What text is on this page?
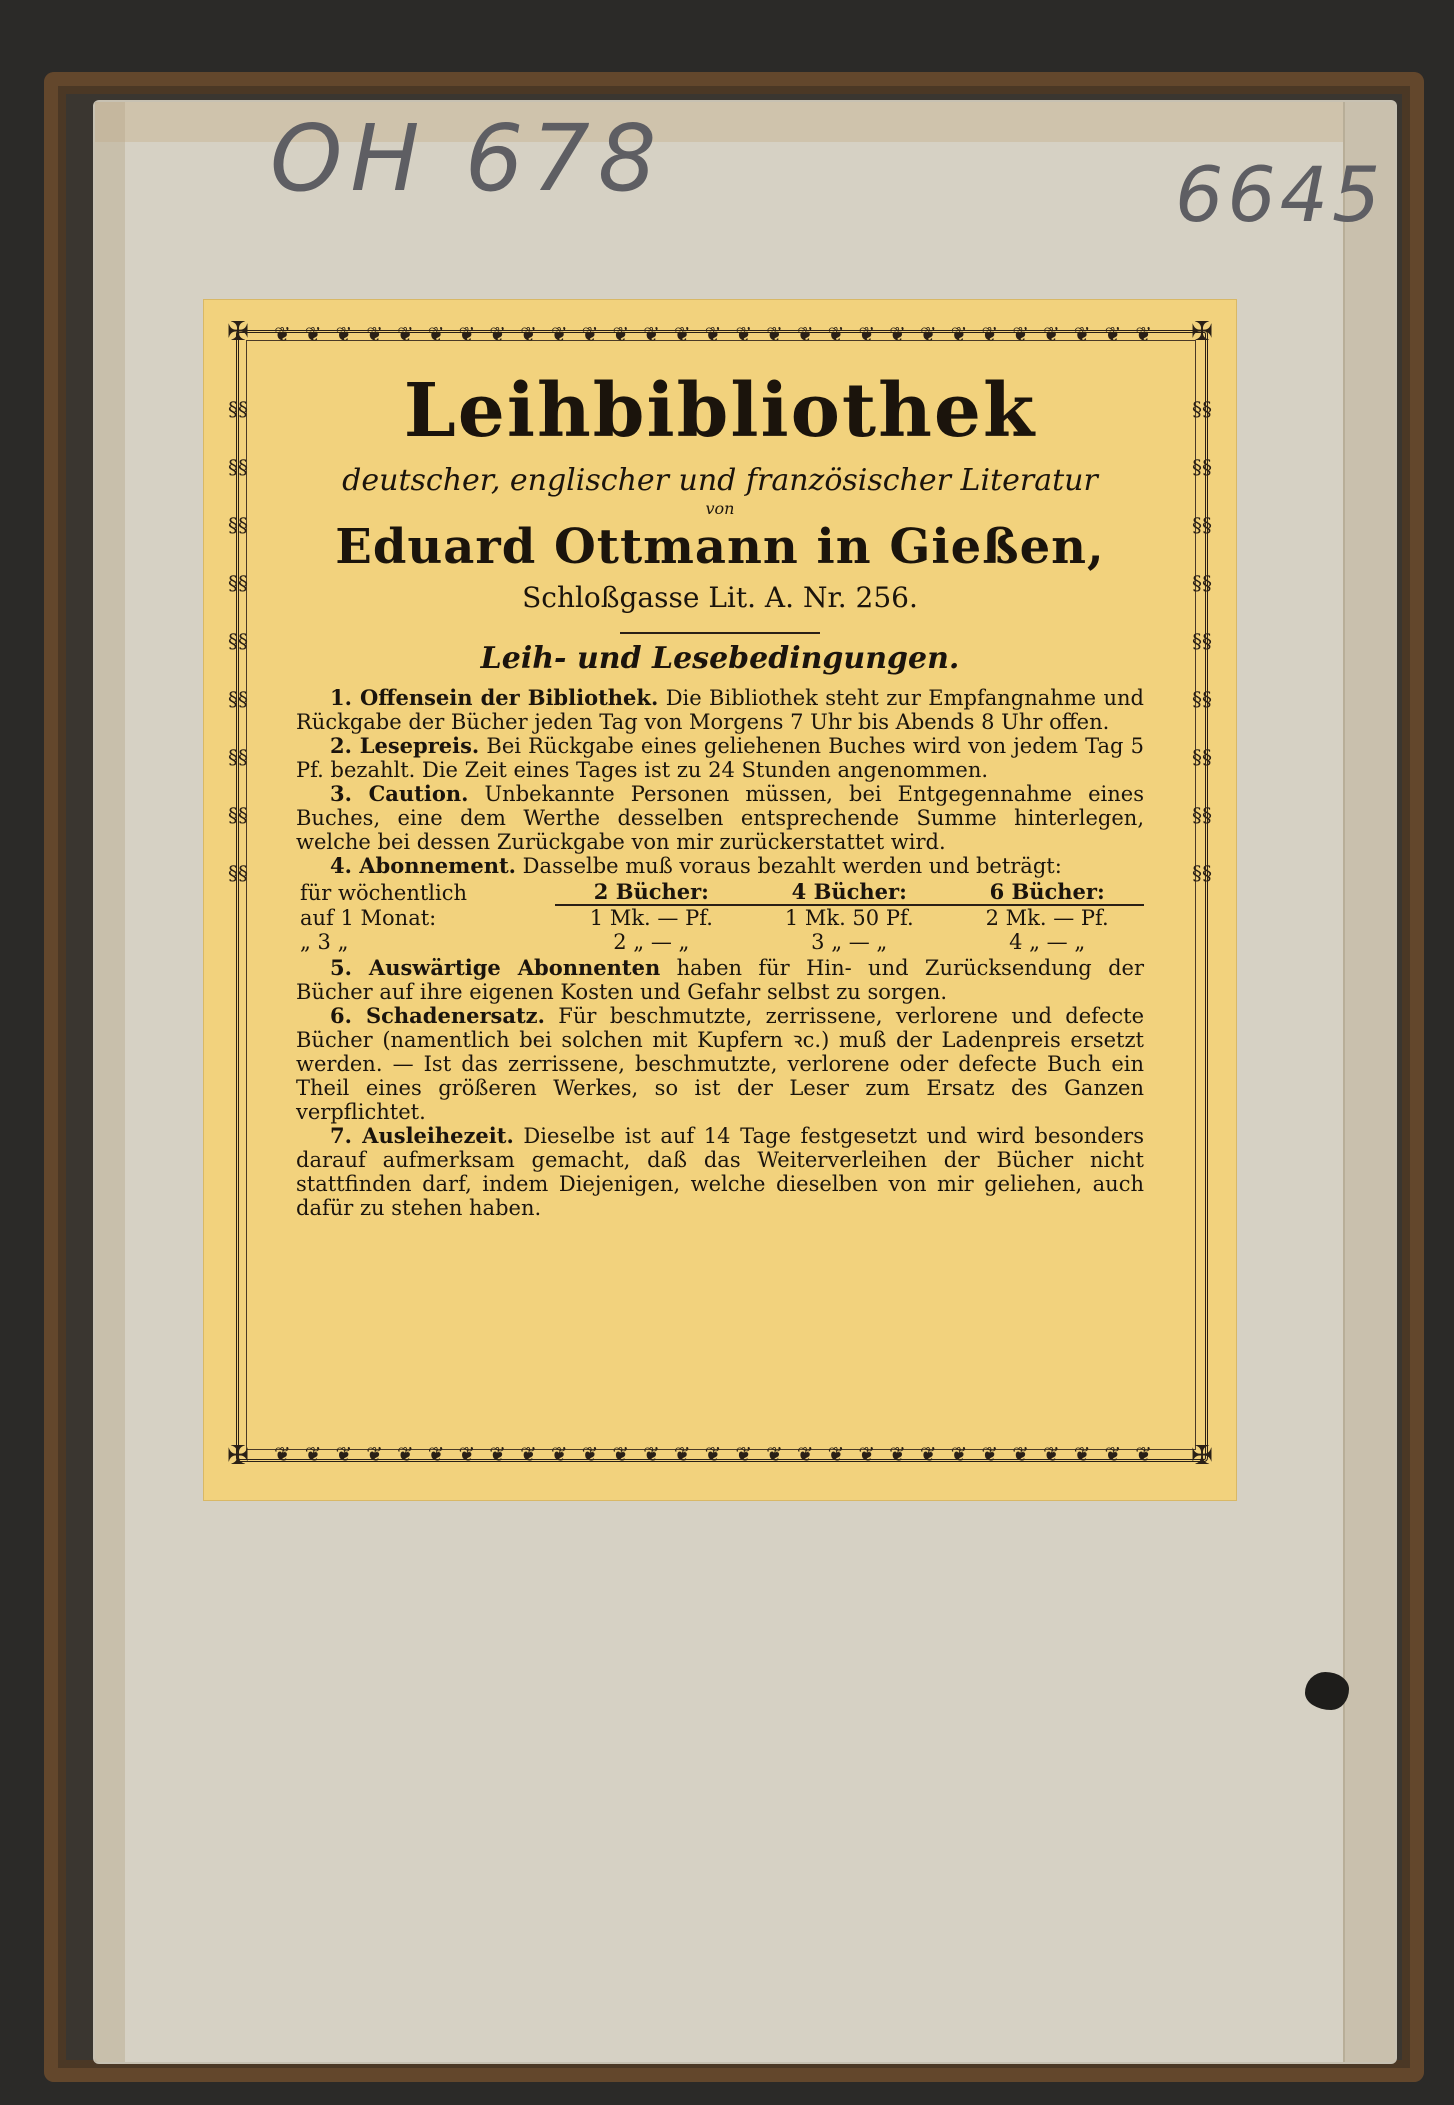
OH 678	6645
❦❦❦❦❦❦❦❦❦❦❦❦❦❦❦❦❦❦❦❦❦❦❦❦❦❦❦❦❦
❦❦❦❦❦❦❦❦❦❦❦❦❦❦❦❦❦❦❦❦❦❦❦❦❦❦❦❦❦
§§§§§§§§§§§§§§§§§§
§§§§§§§§§§§§§§§§§§
✠	✠
✠	✠
Leihbibliothek
deutscher, englischer und französischer Literatur
von
Eduard Ottmann in Gießen,
Schloßgasse Lit. A. Nr. 256.
Leih- und Lesebedingungen.

1. Offensein der Bibliothek. Die Bibliothek steht zur Empfangnahme und Rückgabe der Bücher jeden Tag von Morgens 7 Uhr bis Abends 8 Uhr offen.

2. Lesepreis. Bei Rückgabe eines geliehenen Buches wird von jedem Tag 5 Pf. bezahlt. Die Zeit eines Tages ist zu 24 Stunden angenommen.

3. Caution. Unbekannte Personen müssen, bei Entgegennahme eines Buches, eine dem Werthe desselben entsprechende Summe hinterlegen, welche bei dessen Zurückgabe von mir zurückerstattet wird.

4. Abonnement. Dasselbe muß voraus bezahlt werden und beträgt:

für wöchentlich	2 Bücher:	4 Bücher:	6 Bücher:
auf 1 Monat:	1 Mk. — Pf.	1 Mk. 50 Pf.	2 Mk. — Pf.
„ 3 „	2 „ — „	3 „ — „	4 „ — „

5. Auswärtige Abonnenten haben für Hin- und Zurücksendung der Bücher auf ihre eigenen Kosten und Gefahr selbst zu sorgen.

6. Schadenersatz. Für beschmutzte, zerrissene, verlorene und defecte Bücher (namentlich bei solchen mit Kupfern ꝛc.) muß der Ladenpreis ersetzt werden. — Ist das zerrissene, beschmutzte, verlorene oder defecte Buch ein Theil eines größeren Werkes, so ist der Leser zum Ersatz des Ganzen verpflichtet.

7. Ausleihezeit. Dieselbe ist auf 14 Tage festgesetzt und wird besonders darauf aufmerksam gemacht, daß das Weiterverleihen der Bücher nicht stattfinden darf, indem Diejenigen, welche dieselben von mir geliehen, auch dafür zu stehen haben.
